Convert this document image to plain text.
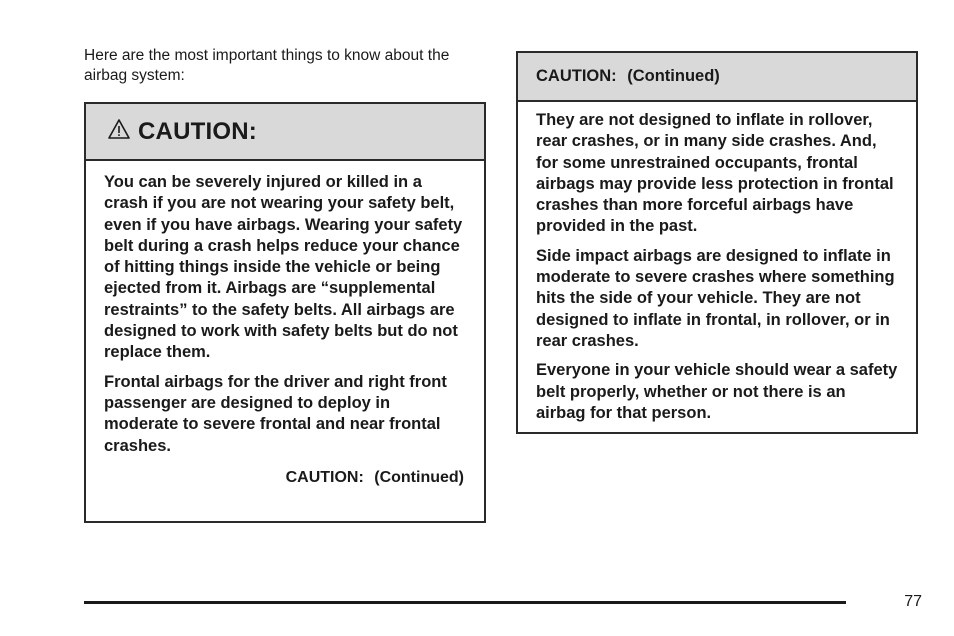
Here are the most important things to know about the airbag system:

CAUTION:

You can be severely injured or killed in a crash if you are not wearing your safety belt, even if you have airbags. Wearing your safety belt during a crash helps reduce your chance of hitting things inside the vehicle or being ejected from it. Airbags are “supplemental restraints” to the safety belts. All airbags are designed to work with safety belts but do not replace them.

Frontal airbags for the driver and right front passenger are designed to deploy in moderate to severe frontal and near frontal crashes.

CAUTION: (Continued)
CAUTION: (Continued)

They are not designed to inflate in rollover, rear crashes, or in many side crashes. And, for some unrestrained occupants, frontal airbags may provide less protection in frontal crashes than more forceful airbags have provided in the past.

Side impact airbags are designed to inflate in moderate to severe crashes where something hits the side of your vehicle. They are not designed to inflate in frontal, in rollover, or in rear crashes.

Everyone in your vehicle should wear a safety belt properly, whether or not there is an airbag for that person.

77
